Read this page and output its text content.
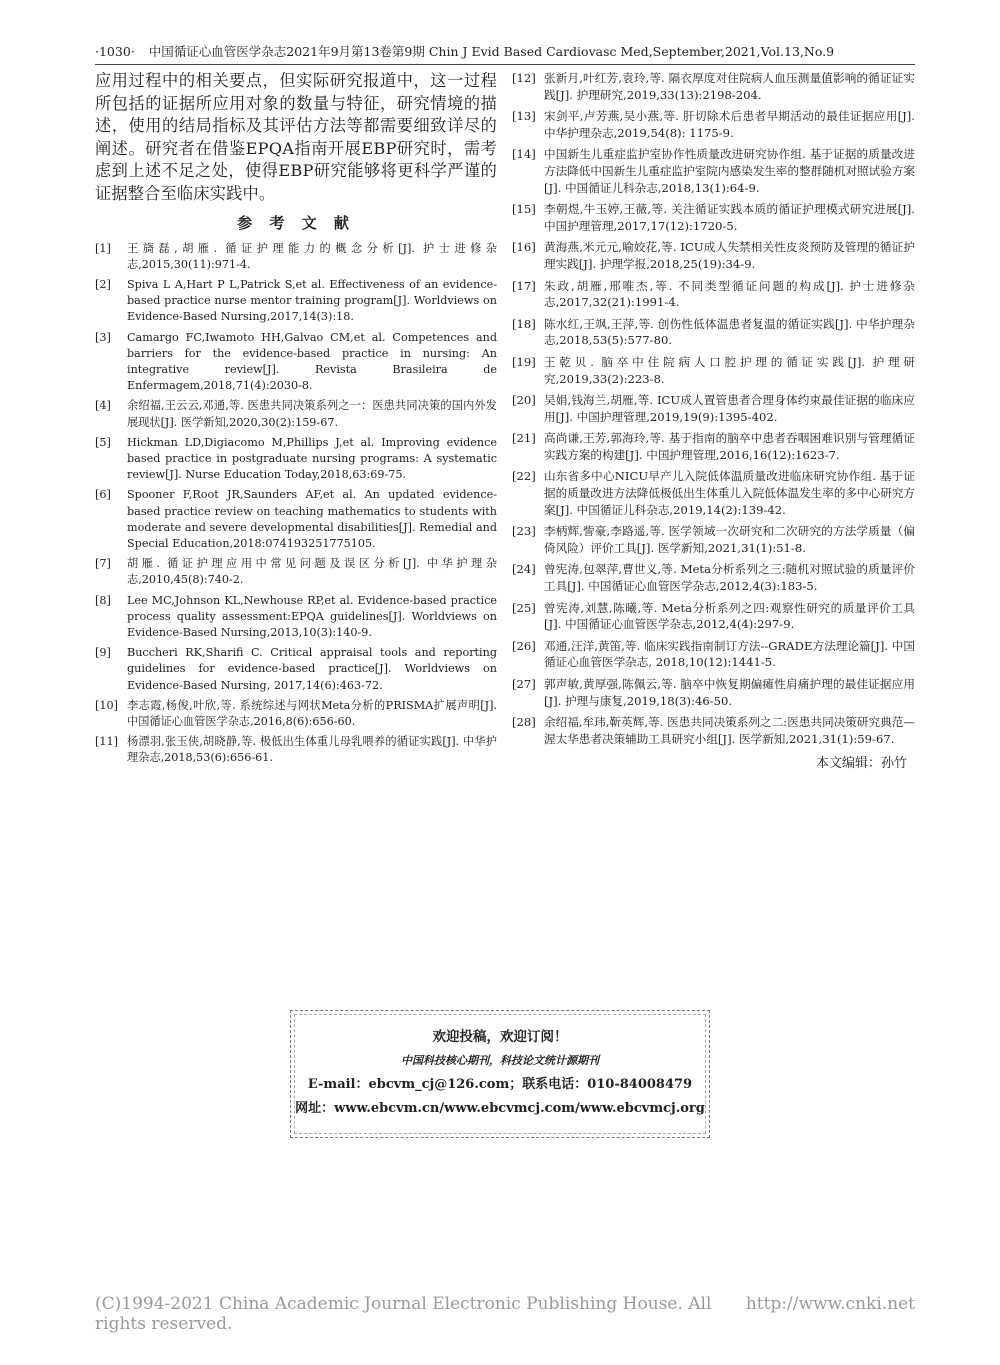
·1030· 中国循证心血管医学杂志2021年9月第13卷第9期 Chin J Evid Based Cardiovasc Med,September,2021,Vol.13,No.9

应用过程中的相关要点，但实际研究报道中，这一过程所包括的证据所应用对象的数量与特征，研究情境的描述，使用的结局指标及其评估方法等都需要细致详尽的阐述。研究者在借鉴EPQA指南开展EBP研究时，需考虑到上述不足之处，使得EBP研究能够将更科学严谨的证据整合至临床实践中。

参 考 文 献
[1]	王旖磊,胡雁. 循证护理能力的概念分析[J]. 护士进修杂志,2015,30(11):971-4.
[2]	Spiva L A,Hart P L,Patrick S,et al. Effectiveness of an evidence-based practice nurse mentor training program[J]. Worldviews on Evidence-Based Nursing,2017,14(3):18.
[3]	Camargo FC,Iwamoto HH,Galvao CM,et al. Competences and barriers for the evidence-based practice in nursing: An integrative review[J]. Revista Brasileira de Enfermagem,2018,71(4):2030-8.
[4]	余绍福,王云云,邓通,等. 医患共同决策系列之一：医患共同决策的国内外发展现状[J]. 医学新知,2020,30(2):159-67.
[5]	Hickman LD,Digiacomo M,Phillips J,et al. Improving evidence based practice in postgraduate nursing programs: A systematic review[J]. Nurse Education Today,2018,63:69-75.
[6]	Spooner F,Root JR,Saunders AF,et al. An updated evidence-based practice review on teaching mathematics to students with moderate and severe developmental disabilities[J]. Remedial and Special Education,2018:074193251775105.
[7]	胡雁. 循证护理应用中常见问题及误区分析[J]. 中华护理杂志,2010,45(8):740-2.
[8]	Lee MC,Johnson KL,Newhouse RP,et al. Evidence-based practice process quality assessment:EPQA guidelines[J]. Worldviews on Evidence-Based Nursing,2013,10(3):140-9.
[9]	Buccheri RK,Sharifi C. Critical appraisal tools and reporting guidelines for evidence-based practice[J]. Worldviews on Evidence-Based Nursing, 2017,14(6):463-72.
[10] 李志霞,杨俊,叶欣,等. 系统综述与网状Meta分析的PRISMA扩展声明[J]. 中国循证心血管医学杂志,2016,8(6):656-60.
[11] 杨漂羽,张玉侠,胡晓静,等. 极低出生体重儿母乳喂养的循证实践[J]. 中华护理杂志,2018,53(6):656-61.
[12] 张新月,叶红芳,袁玲,等. 隔衣厚度对住院病人血压测量值影响的循证证实践[J]. 护理研究,2019,33(13):2198-204.
[13] 宋剑平,卢芳燕,吴小燕,等. 肝切除术后患者早期活动的最佳证据应用[J]. 中华护理杂志,2019,54(8): 1175-9.
[14] 中国新生儿重症监护室协作性质量改进研究协作组. 基于证据的质量改进方法降低中国新生儿重症监护室院内感染发生率的整群随机对照试验方案[J]. 中国循证儿科杂志,2018,13(1):64-9.
[15] 李朝煜,牛玉婷,王薇,等. 关注循证实践本质的循证护理模式研究进展[J]. 中国护理管理,2017,17(12):1720-5.
[16] 黄海燕,米元元,喻姣花,等. ICU成人失禁相关性皮炎预防及管理的循证护理实践[J]. 护理学报,2018,25(19):34-9.
[17] 朱政,胡雁,邢唯杰,等. 不同类型循证问题的构成[J]. 护士进修杂志,2017,32(21):1991-4.
[18] 陈水红,王飒,王萍,等. 创伤性低体温患者复温的循证实践[J]. 中华护理杂志,2018,53(5):577-80.
[19] 王乾贝. 脑卒中住院病人口腔护理的循证实践[J]. 护理研究,2019,33(2):223-8.
[20] 吴娟,钱海兰,胡雁,等. ICU成人置管患者合理身体约束最佳证据的临床应用[J]. 中国护理管理,2019,19(9):1395-402.
[21] 高尚谦,王芳,郭海玲,等. 基于指南的脑卒中患者吞咽困难识别与管理循证实践方案的构建[J]. 中国护理管理,2016,16(12):1623-7.
[22] 山东省多中心NICU早产儿入院低体温质量改进临床研究协作组. 基于证据的质量改进方法降低极低出生体重儿入院低体温发生率的多中心研究方案[J]. 中国循证儿科杂志,2019,14(2):139-42.
[23] 李柄辉,訾豪,李路遥,等. 医学领域一次研究和二次研究的方法学质量（偏倚风险）评价工具[J]. 医学新知,2021,31(1):51-8.
[24] 曾宪涛,包翠萍,曹世义,等. Meta分析系列之三:随机对照试验的质量评价工具[J]. 中国循证心血管医学杂志,2012,4(3):183-5.
[25] 曾宪涛,刘慧,陈曦,等. Meta分析系列之四:观察性研究的质量评价工具[J]. 中国循证心血管医学杂志,2012,4(4):297-9.
[26] 邓通,汪洋,黄笛,等. 临床实践指南制订方法--GRADE方法理论篇[J]. 中国循证心血管医学杂志, 2018,10(12):1441-5.
[27] 郭声敏,黄厚强,陈佩云,等. 脑卒中恢复期偏瘫性肩痛护理的最佳证据应用[J]. 护理与康复,2019,18(3):46-50.
[28] 余绍福,牟玮,靳英辉,等. 医患共同决策系列之二:医患共同决策研究典范—渥太华患者决策辅助工具研究小组[J]. 医学新知,2021,31(1):59-67.
本文编辑：孙竹
欢迎投稿，欢迎订阅！
中国科技核心期刊，科技论文统计源期刊
E-mail：ebcvm_cj@126.com；联系电话：010-84008479
网址：www.ebcvm.cn/www.ebcvmcj.com/www.ebcvmcj.org
(C)1994-2021 China Academic Journal Electronic Publishing House. All rights reserved.
http://www.cnki.net
